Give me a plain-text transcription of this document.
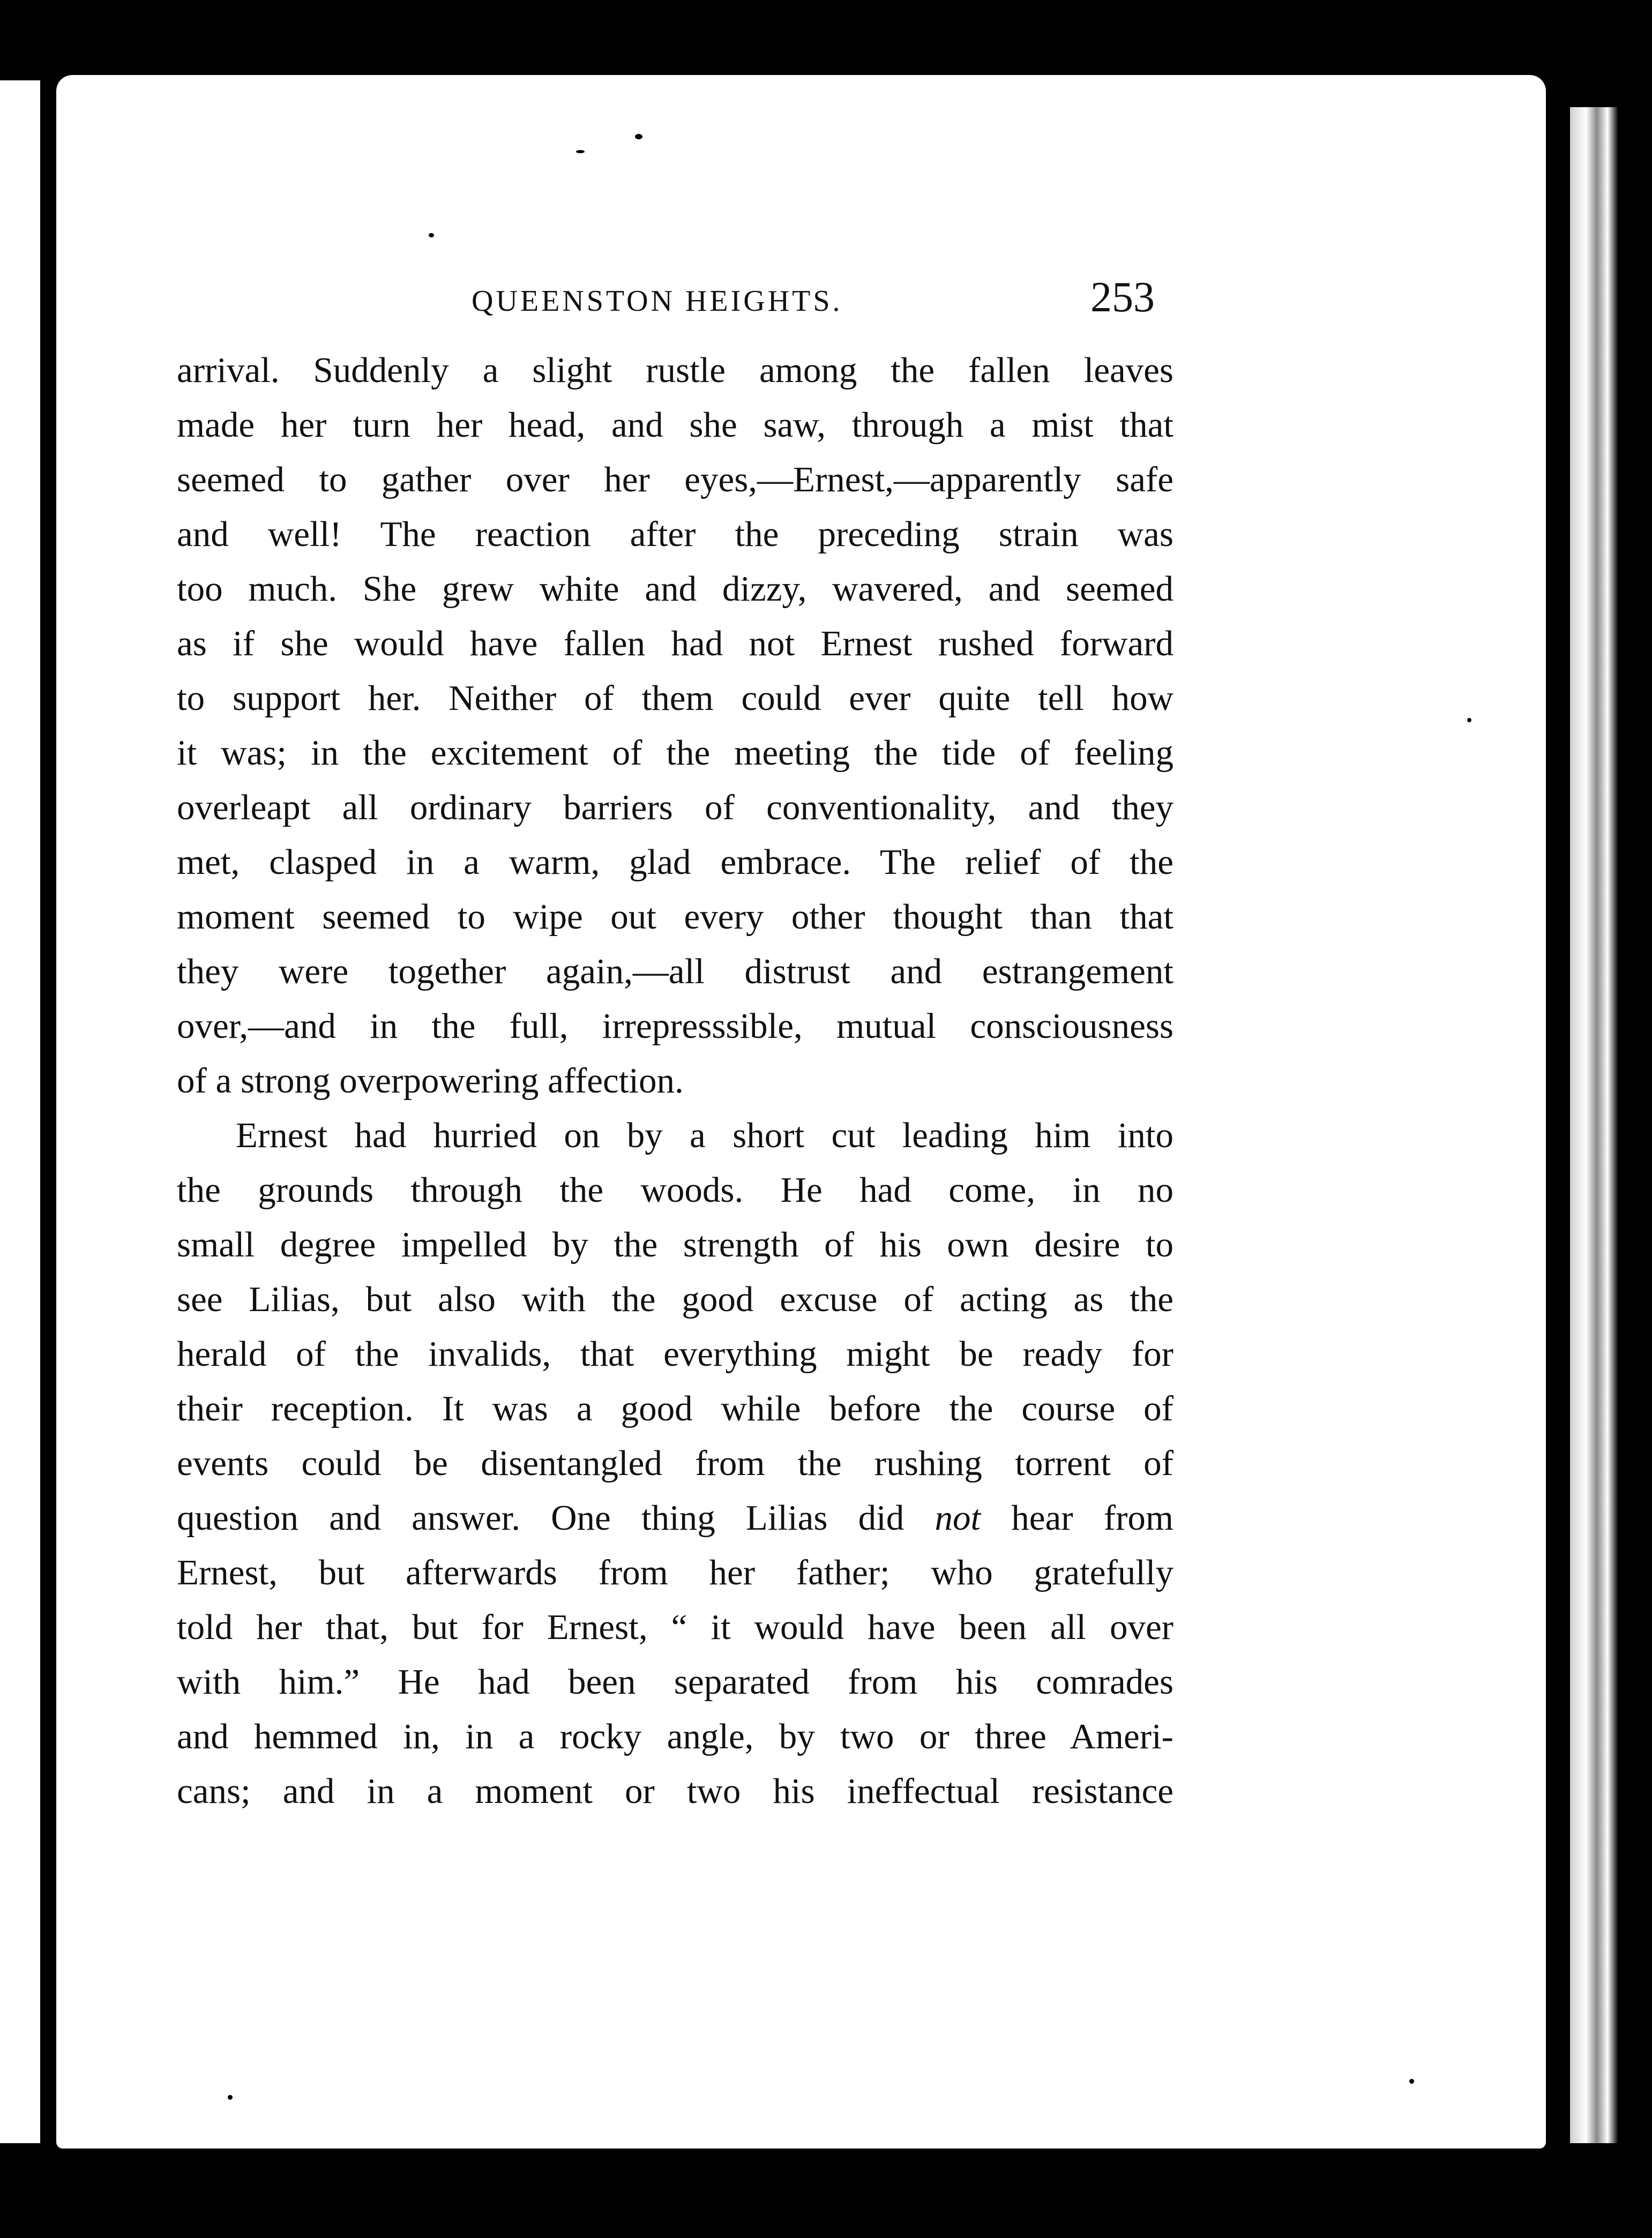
QUEENSTON HEIGHTS.	253

arrival. Suddenly a slight rustle among the fallen leaves
made her turn her head, and she saw, through a mist that
seemed to gather over her eyes,—Ernest,—apparently safe
and well! The reaction after the preceding strain was
too much. She grew white and dizzy, wavered, and seemed
as if she would have fallen had not Ernest rushed forward
to support her. Neither of them could ever quite tell how
it was; in the excitement of the meeting the tide of feeling
overleapt all ordinary barriers of conventionality, and they
met, clasped in a warm, glad embrace. The relief of the
moment seemed to wipe out every other thought than that
they were together again,—all distrust and estrangement
over,—and in the full, irrepresssible, mutual consciousness
of a strong overpowering affection.

Ernest had hurried on by a short cut leading him into
the grounds through the woods. He had come, in no
small degree impelled by the strength of his own desire to
see Lilias, but also with the good excuse of acting as the
herald of the invalids, that everything might be ready for
their reception. It was a good while before the course of
events could be disentangled from the rushing torrent of
question and answer. One thing Lilias did not hear from
Ernest, but afterwards from her father; who gratefully
told her that, but for Ernest, “ it would have been all over
with him.” He had been separated from his comrades
and hemmed in, in a rocky angle, by two or three Ameri-
cans; and in a moment or two his ineffectual resistance
